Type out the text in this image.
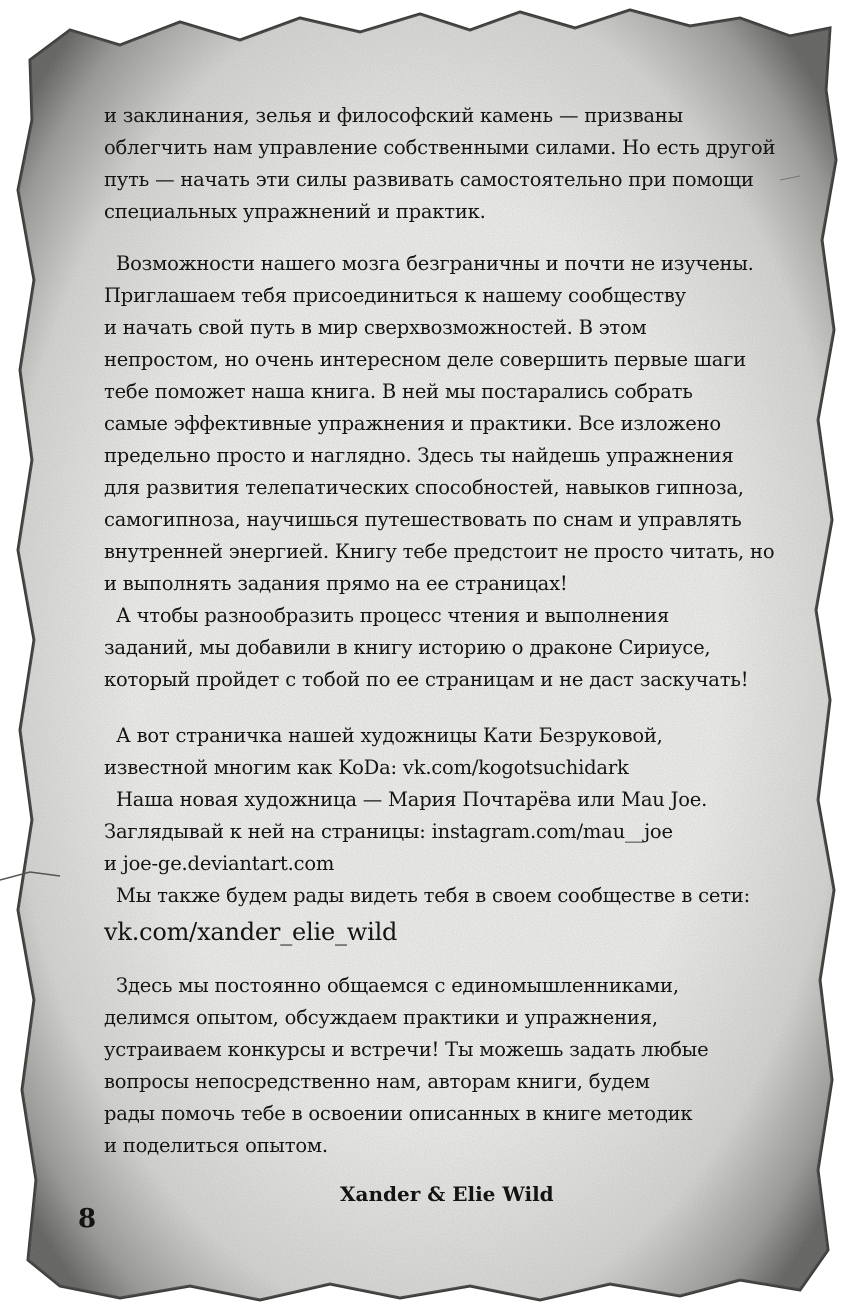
и заклинания, зелья и философский камень — призваны
облегчить нам управление собственными силами. Но есть другой
путь — начать эти силы развивать самостоятельно при помощи
специальных упражнений и практик.
Возможности нашего мозга безграничны и почти не изучены.
Приглашаем тебя присоединиться к нашему сообществу
и начать свой путь в мир сверхвозможностей. В этом
непростом, но очень интересном деле совершить первые шаги
тебе поможет наша книга. В ней мы постарались собрать
самые эффективные упражнения и практики. Все изложено
предельно просто и наглядно. Здесь ты найдешь упражнения
для развития телепатических способностей, навыков гипноза,
самогипноза, научишься путешествовать по снам и управлять
внутренней энергией. Книгу тебе предстоит не просто читать, но
и выполнять задания прямо на ее страницах!
А чтобы разнообразить процесс чтения и выполнения
заданий, мы добавили в книгу историю о драконе Сириусе,
который пройдет с тобой по ее страницам и не даст заскучать!
А вот страничка нашей художницы Кати Безруковой,
известной многим как KoDa: vk.com/kogotsuchidark
Наша новая художница — Мария Почтарёва или Mau Joe.
Заглядывай к ней на страницы: instagram.com/mau__joe
и joe-ge.deviantart.com
Мы также будем рады видеть тебя в своем сообществе в сети:
vk.com/xander_elie_wild
Здесь мы постоянно общаемся с единомышленниками,
делимся опытом, обсуждаем практики и упражнения,
устраиваем конкурсы и встречи! Ты можешь задать любые
вопросы непосредственно нам, авторам книги, будем
рады помочь тебе в освоении описанных в книге методик
и поделиться опытом.
Xander & Elie Wild
8
